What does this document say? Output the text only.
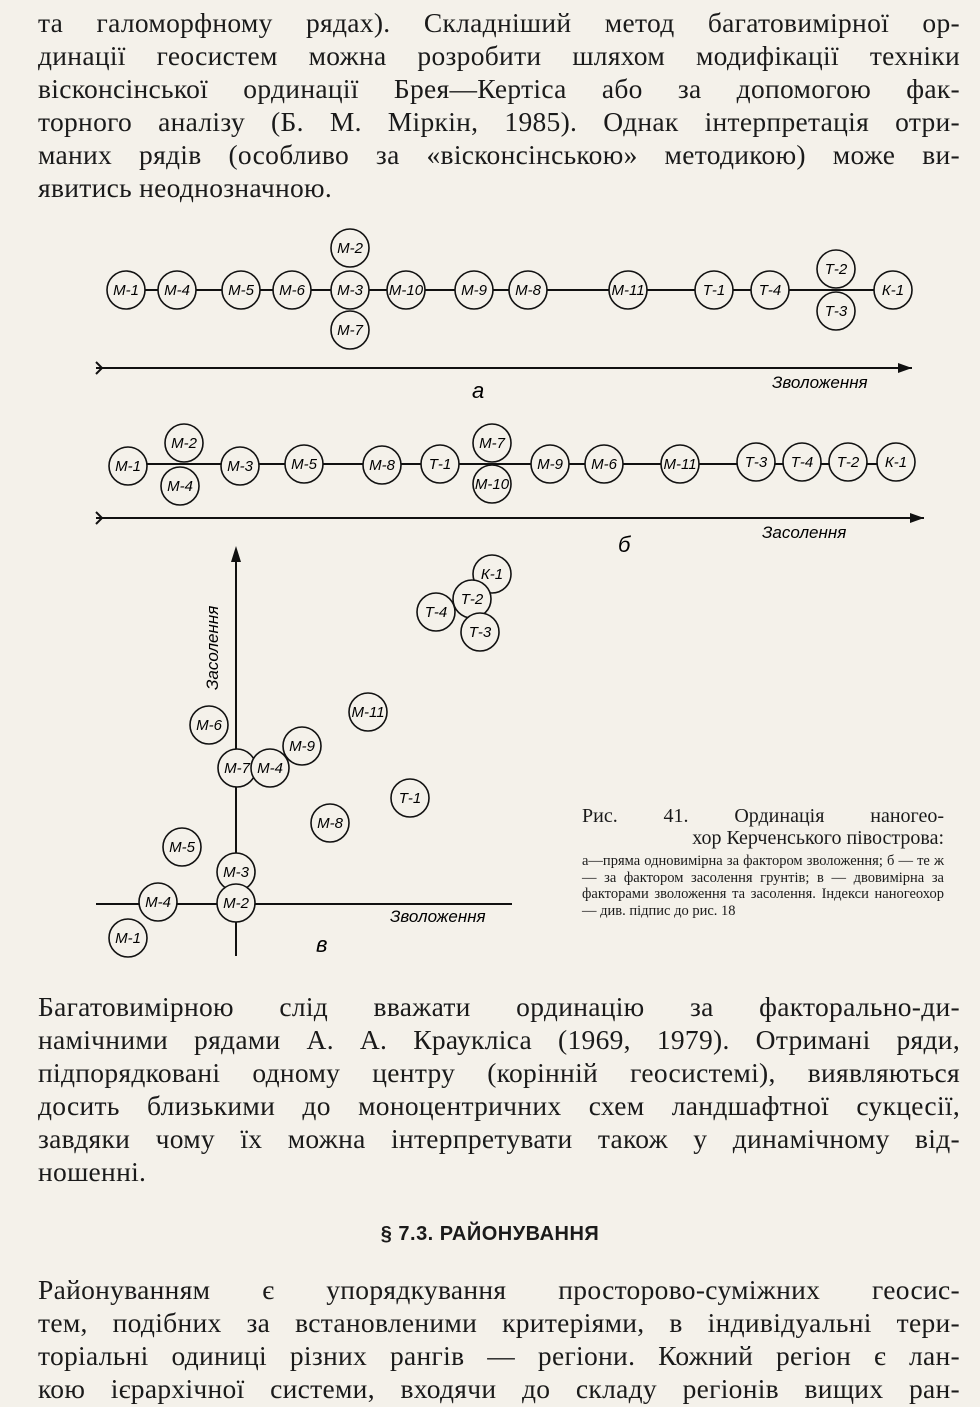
та галоморфному рядах). Складніший метод багатовимірної ор-
динації геосистем можна розробити шляхом модифікації техніки
вісконсінської ординації Брея—Кертіса або за допомогою фак-
торного аналізу (Б. М. Міркін, 1985). Однак інтерпретація отри-
маних рядів (особливо за «вісконсінською» методикою) може ви-
явитись неоднозначною.
Зволоження
а
Засолення
б
Зволоження
Засолення
в
М-1 М-4	М-5 М-6 М-3
М-2
М-7
М-10	М-9 М-8	М-11	Т-1 Т-4
Т-2
Т-3
К-1
М-1
М-2
М-4
М-3	М-5	М-8 Т-1
М-7
М-10
М-9 М-6	М-11	Т-3 Т-4 Т-2 К-1
К-1
Т-4
Т-2
Т-3
М-11
М-6
М-9
М-7 М-4
Т-1
М-8
М-5
М-3
М-4	М-2
М-1
Рис. 41. Ординація наногео-
хор Керченського півострова:
а—пряма одновимірна за фактором зволоження; б — те ж — за фактором засолення грунтів; в — двовимірна за факторами зволоження та засолення. Індекси наногеохор — див. підпис до рис. 18
Багатовимірною слід вважати ординацію за факторально-ди-
намічними рядами А. А. Краукліса (1969, 1979). Отримані ряди,
підпорядковані одному центру (корінній геосистемі), виявляються
досить близькими до моноцентричних схем ландшафтної сукцесії,
завдяки чому їх можна інтерпретувати також у динамічному від-
ношенні.
§ 7.3. РАЙОНУВАННЯ
Районуванням є упорядкування просторово-суміжних геосис-
тем, подібних за встановленими критеріями, в індивідуальні тери-
торіальні одиниці різних рангів — регіони. Кожний регіон є лан-
кою ієрархічної системи, входячи до складу регіонів вищих ран-
